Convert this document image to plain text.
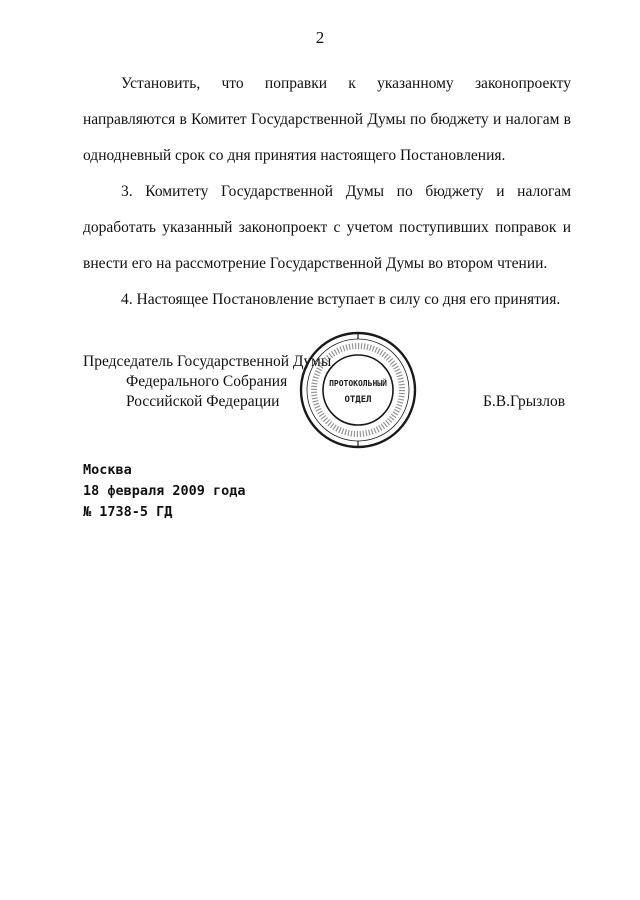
2

Установить, что поправки к указанному законопроекту направляются в Комитет Государственной Думы по бюджету и налогам в однодневный срок со дня принятия настоящего Постановления.

3. Комитету Государственной Думы по бюджету и налогам доработать указанный законопроект с учетом поступивших поправок и внести его на рассмотрение Государственной Думы во втором чтении.

4. Настоящее Постановление вступает в силу со дня его принятия.

Председатель Государственной Думы
Федерального Собрания
Российской Федерации	Б.В.Грызлов
ПРОТОКОЛЬНЫЙ
ОТДЕЛ
Москва
18 февраля 2009 года
№ 1738-5 ГД
